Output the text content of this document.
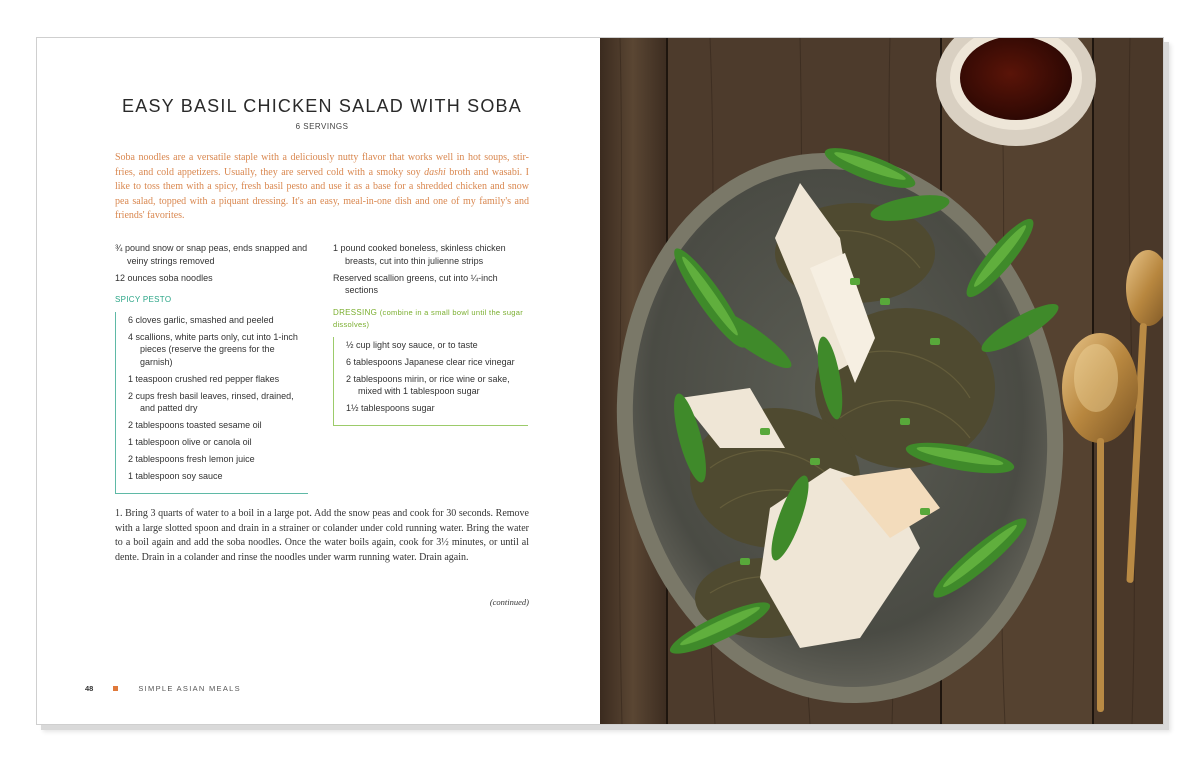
EASY BASIL CHICKEN SALAD WITH SOBA
6 SERVINGS

Soba noodles are a versatile staple with a deliciously nutty flavor that works well in hot soups, stir-fries, and cold appetizers. Usually, they are served cold with a smoky soy dashi broth and wasabi. I like to toss them with a spicy, fresh basil pesto and use it as a base for a shredded chicken and snow pea salad, topped with a piquant dressing. It's an easy, meal-in-one dish and one of my family's and friends' favorites.

¾ pound snow or snap peas, ends snapped and veiny strings removed
12 ounces soba noodles
SPICY PESTO
6 cloves garlic, smashed and peeled
4 scallions, white parts only, cut into 1-inch pieces (reserve the greens for the garnish)
1 teaspoon crushed red pepper flakes
2 cups fresh basil leaves, rinsed, drained, and patted dry
2 tablespoons toasted sesame oil
1 tablespoon olive or canola oil
2 tablespoons fresh lemon juice
1 tablespoon soy sauce
1 pound cooked boneless, skinless chicken breasts, cut into thin julienne strips
Reserved scallion greens, cut into ¼-inch sections
DRESSING (combine in a small bowl until the sugar dissolves)
½ cup light soy sauce, or to taste
6 tablespoons Japanese clear rice vinegar
2 tablespoons mirin, or rice wine or sake, mixed with 1 tablespoon sugar
1½ tablespoons sugar

1. Bring 3 quarts of water to a boil in a large pot. Add the snow peas and cook for 30 seconds. Remove with a large slotted spoon and drain in a strainer or colander under cold running water. Bring the water to a boil again and add the soba noodles. Once the water boils again, cook for 3½ minutes, or until al dente. Drain in a colander and rinse the noodles under warm running water. Drain again.

(continued)
48	SIMPLE ASIAN MEALS
